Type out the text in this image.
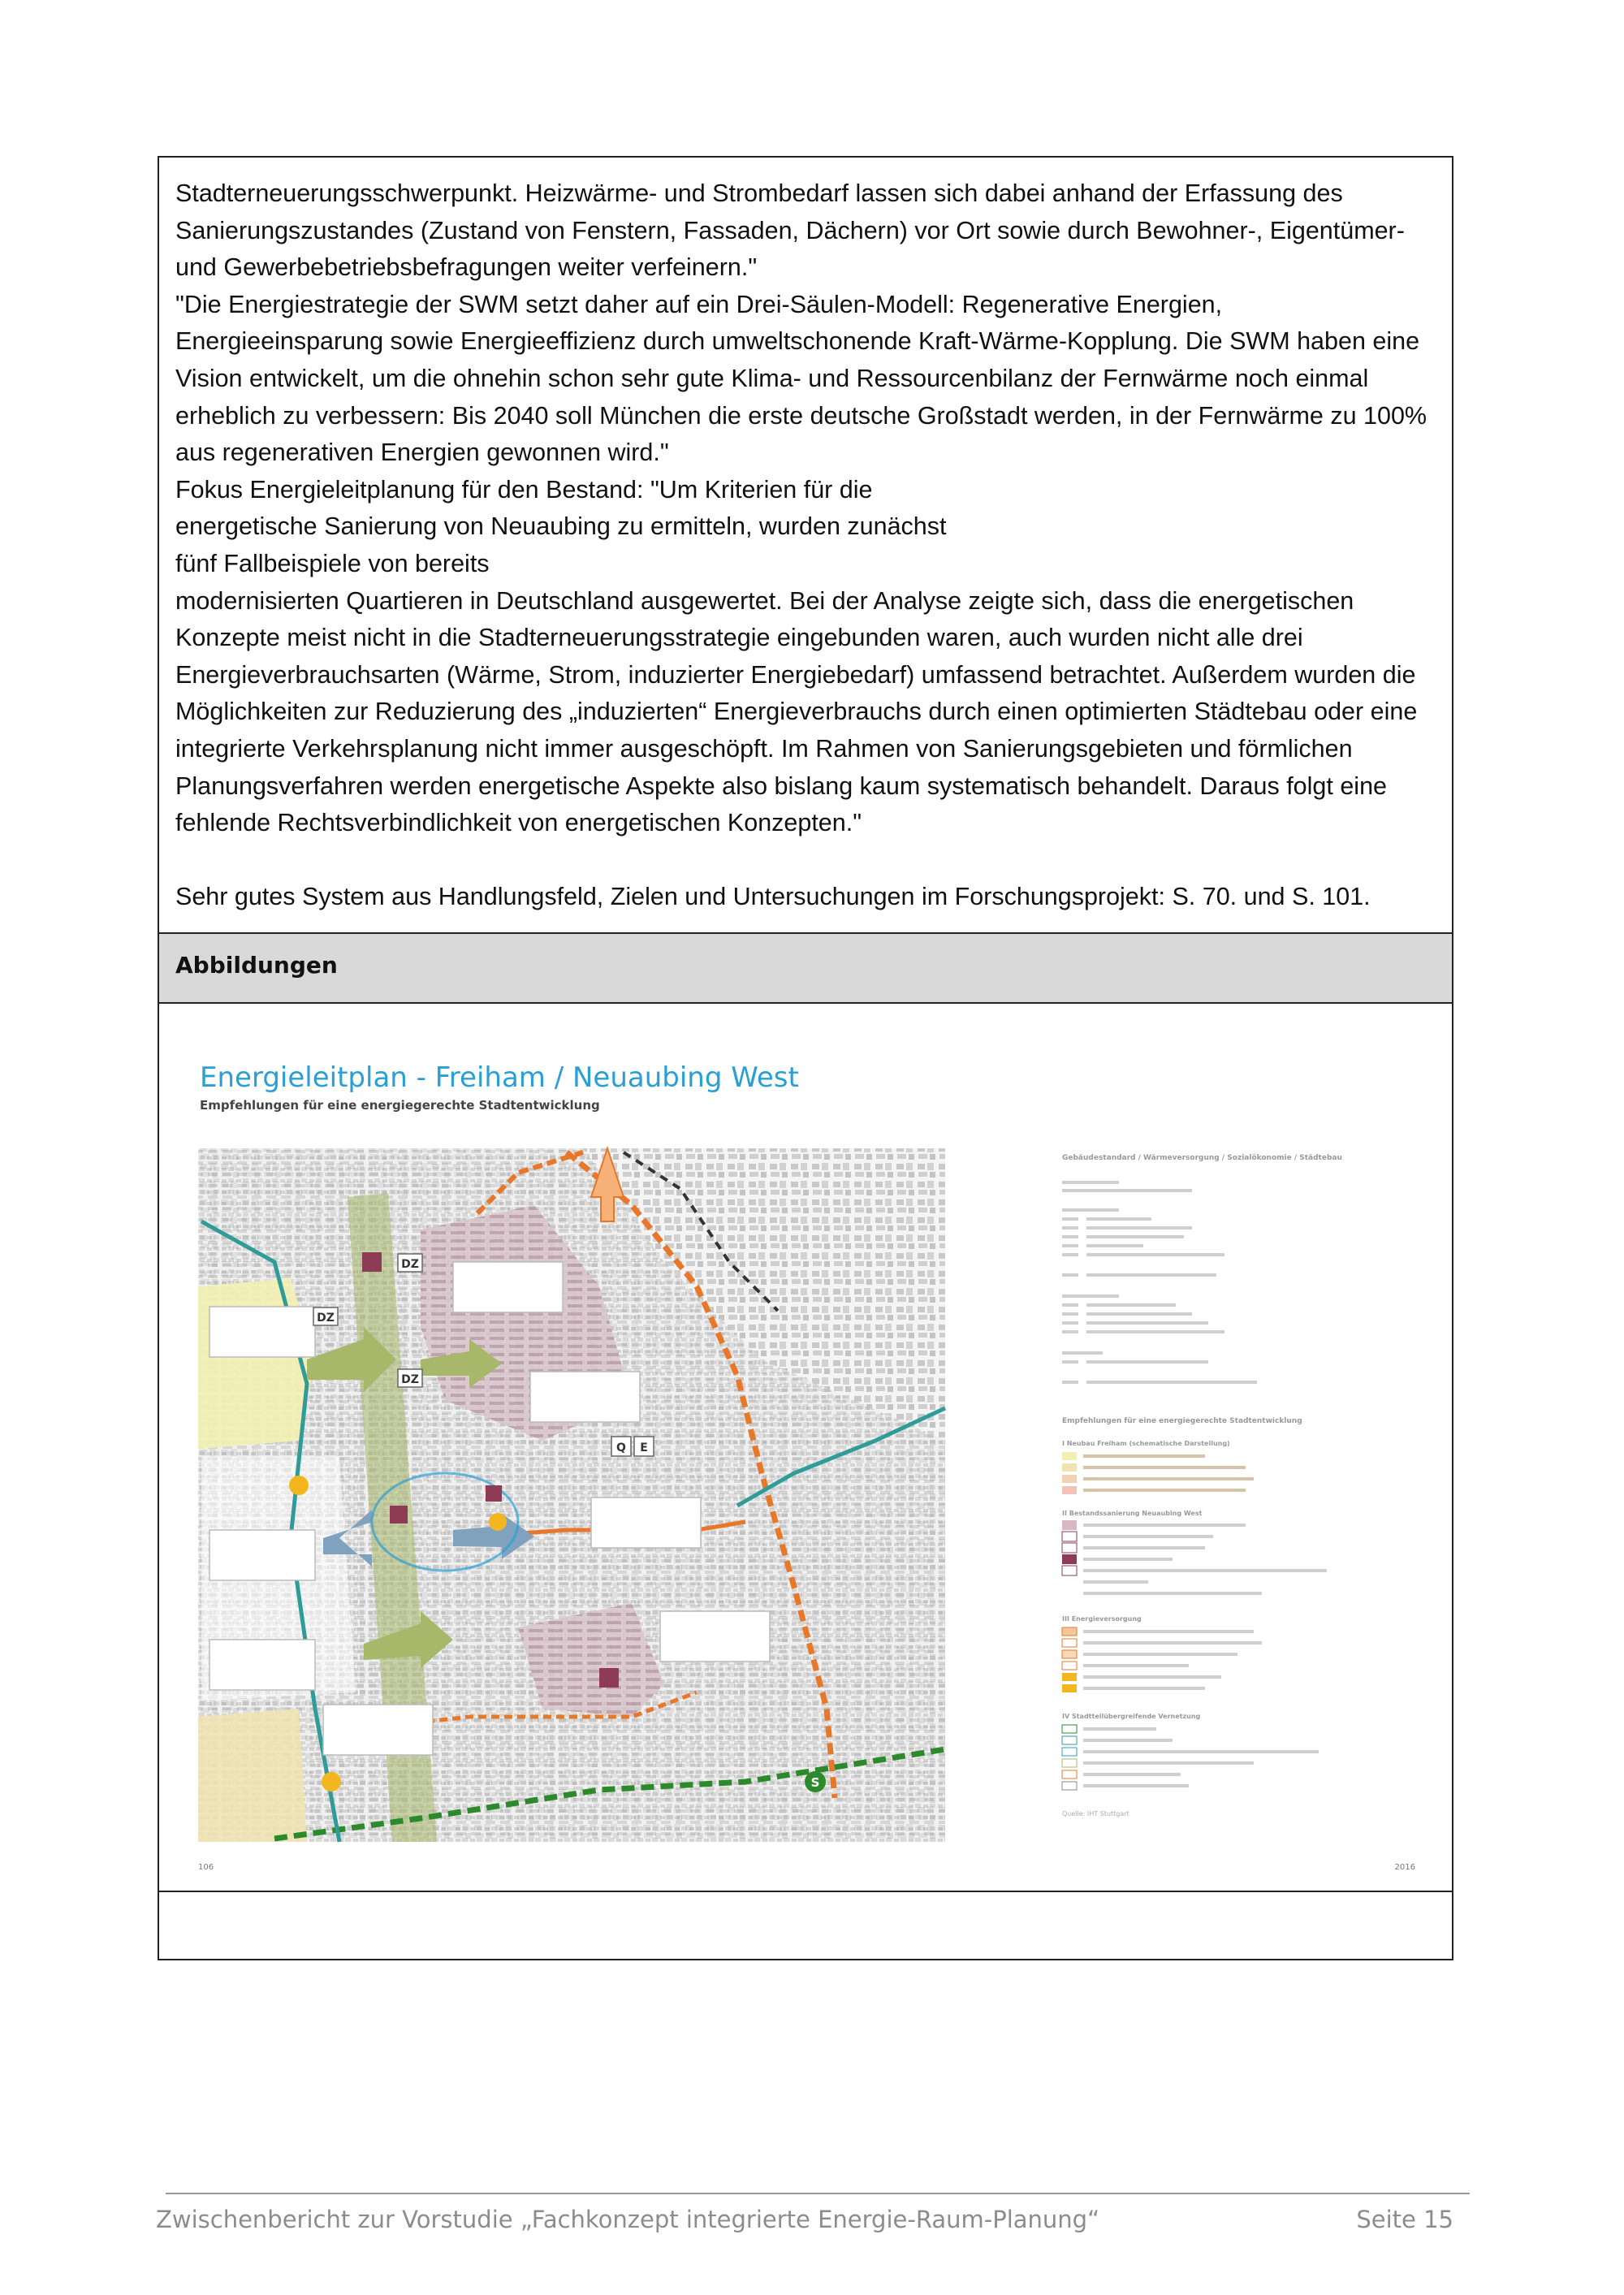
Stadterneuerungsschwerpunkt. Heizwärme- und Strombedarf lassen sich dabei anhand der Erfassung des Sanierungszustandes (Zustand von Fenstern, Fassaden, Dächern) vor Ort sowie durch Bewohner-, Eigentümer- und Gewerbebetriebsbefragungen weiter verfeinern."

"Die Energiestrategie der SWM setzt daher auf ein Drei-Säulen-Modell: Regenerative Energien, Energieeinsparung sowie Energieeffizienz durch umweltschonende Kraft-Wärme-Kopplung. Die SWM haben eine Vision entwickelt, um die ohnehin schon sehr gute Klima- und Ressourcenbilanz der Fernwärme noch einmal erheblich zu verbessern: Bis 2040 soll München die erste deutsche Großstadt werden, in der Fernwärme zu 100% aus regenerativen Energien gewonnen wird."

Fokus Energieleitplanung für den Bestand: "Um Kriterien für die energetische Sanierung von Neuaubing zu ermitteln, wurden zunächst fünf Fallbeispiele von bereits

modernisierten Quartieren in Deutschland ausgewertet. Bei der Analyse zeigte sich, dass die energetischen Konzepte meist nicht in die Stadterneuerungsstrategie eingebunden waren, auch wurden nicht alle drei Energieverbrauchsarten (Wärme, Strom, induzierter Energiebedarf) umfassend betrachtet. Außerdem wurden die Möglichkeiten zur Reduzierung des „induzierten“ Energieverbrauchs durch einen optimierten Städtebau oder eine integrierte Verkehrsplanung nicht immer ausgeschöpft. Im Rahmen von Sanierungsgebieten und förmlichen Planungsverfahren werden energetische Aspekte also bislang kaum systematisch behandelt. Daraus folgt eine fehlende Rechtsverbindlichkeit von energetischen Konzepten."

Sehr gutes System aus Handlungsfeld, Zielen und Untersuchungen im Forschungsprojekt: S. 70. und S. 101.

Abbildungen
Energieleitplan - Freiham / Neuaubing West
Empfehlungen für eine energiegerechte Stadtentwicklung
DZ
DZ
DZ
Q E
S
106	2016
Gebäudestandard / Wärmeversorgung / Sozialökonomie / Städtebau
Empfehlungen für eine energiegerechte Stadtentwicklung
I Neubau Freiham (schematische Darstellung)
II Bestandssanierung Neuaubing West
III Energieversorgung
IV Stadtteilübergreifende Vernetzung
Quelle: IHT Stuttgart
Zwischenbericht zur Vorstudie „Fachkonzept integrierte Energie-Raum-Planung“	Seite 15
